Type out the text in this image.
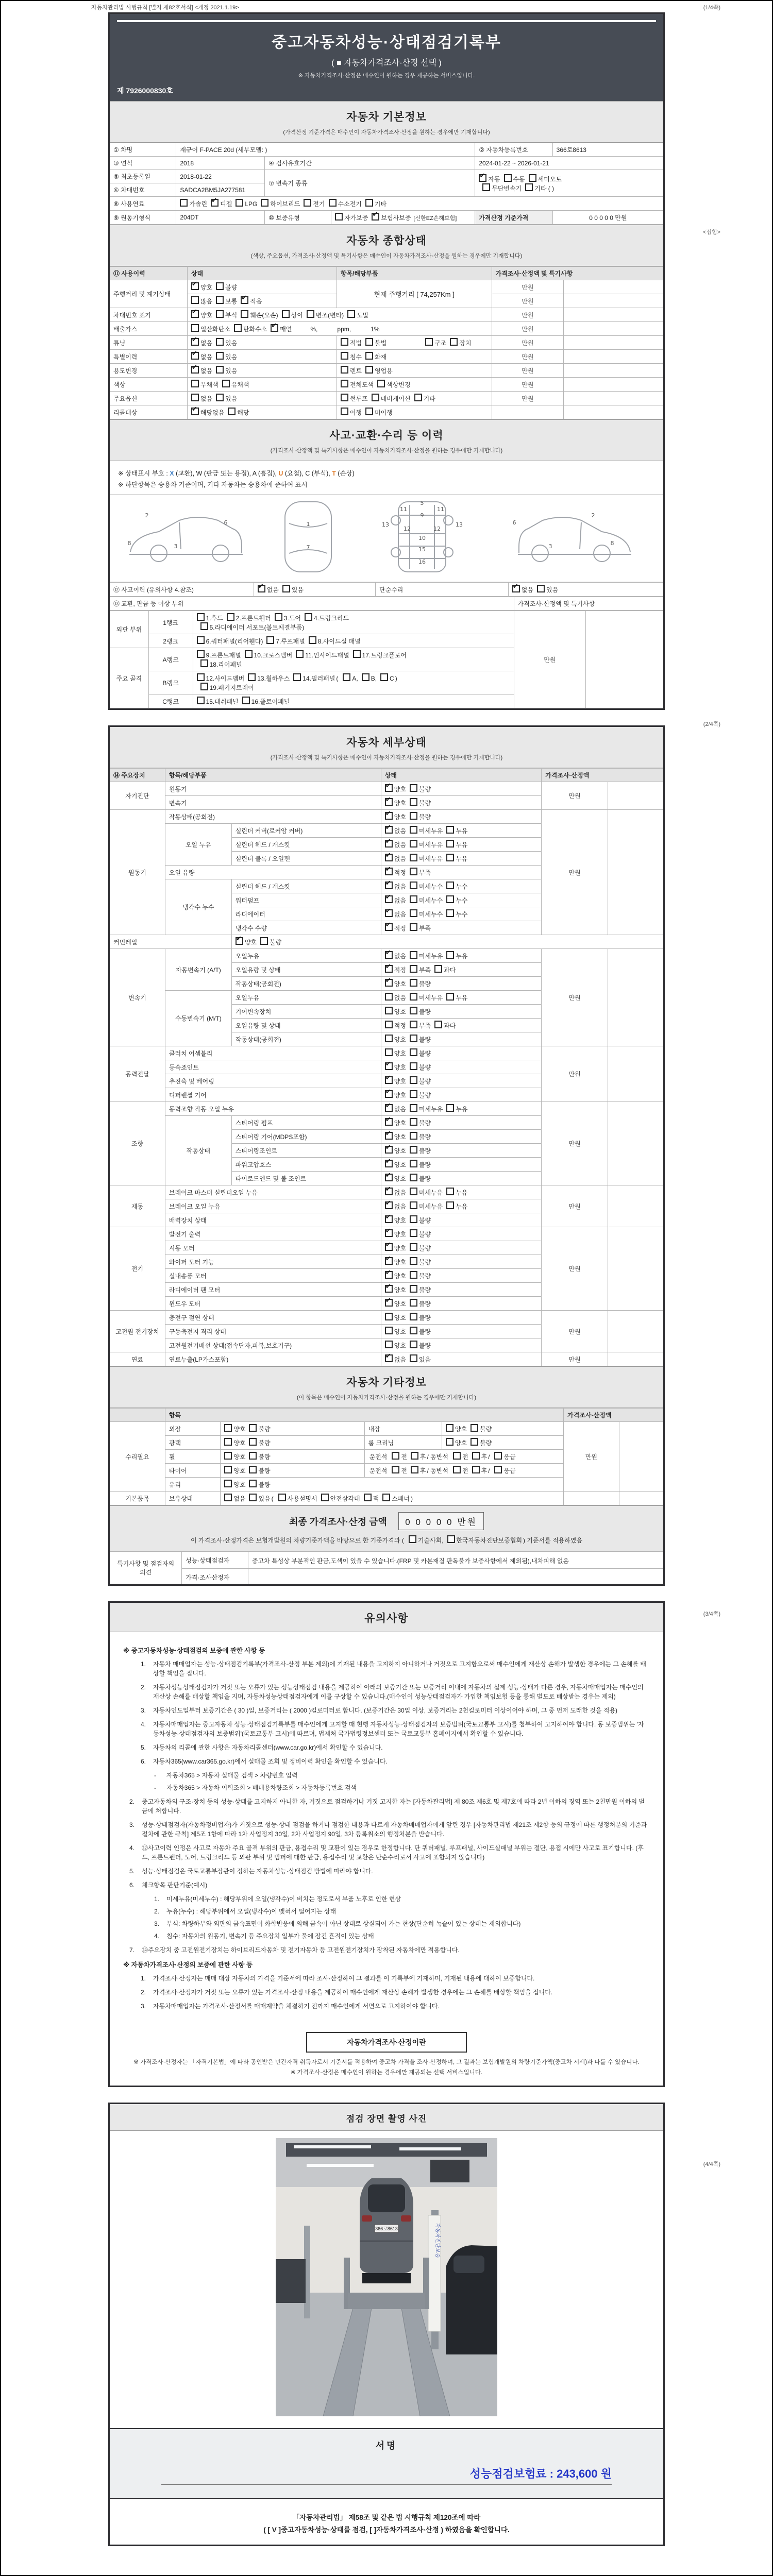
자동차관리법 시행규칙 [별지 제82호서식] <개정 2021.1.19>	(1/4쪽)
<접힘>
(2/4쪽)
(3/4쪽)
(4/4쪽)
중고자동차성능·상태점검기록부
( ■ 자동차가격조사·산정 선택 )
※ 자동차가격조사·산정은 매수인이 원하는 경우 제공하는 서비스입니다.
제 7926000830호
자동차 기본정보
(가격산정 기준가격은 매수인이 자동차가격조사·산정을 원하는 경우에만 기재합니다)
① 차명	재규어 F-PACE 20d (세부모델: )			② 자동차등록번호	366로8613
③ 연식	2018	④ 검사유효기간		2024-01-22 ~ 2026-01-21	
⑤ 최초등록일	2018-01-22	⑦ 변속기 종류	✔자동 수동 세미오토
무단변속기 기타 ( )
⑥ 차대번호	SADCA2BM5JA277581				
⑧ 사용연료	가솔린 ✔ 디젤 LPG 하이브리드 전기 수소전기 기타
⑨ 원동기형식	204DT	⑩ 보증유형	자가보증 ✔ 보험사보증 [신한EZ손해보험]	가격산정 기준가격	0 0 0 0 0 만원
자동차 종합상태
(색상, 주요옵션, 가격조사·산정액 및 특기사항은 매수인이 자동차가격조사·산정을 원하는 경우에만 기재합니다)
⑪ 사용이력	상태	항목/해당부품	가격조사·산정액 및 특기사항	
주행거리 및 계기상태	✔양호 불량	현재 주행거리 [ 74,257Km ]	만원	
	많음 보통 ✔ 적음		만원	
차대번호 표기	✔양호 부식 훼손(오손) 상이 변조(변타) 도말		만원	
배출가스	일산화탄소 탄화수소 ✔ 매연 %, ppm, 1%		만원	
튜닝	✔없음 있음	적법 불법 구조 장치	만원	
특별이력	✔없음 있음	침수 화재	만원	
용도변경	✔없음 있음	렌트 영업용	만원	
색상	무채색 유채색	전체도색 색상변경	만원	
주요옵션	없음 있음	썬루프 네비게이션 기타	만원	
리콜대상	✔해당없음 해당	이행 미이행		
사고·교환·수리 등 이력
(가격조사·산정액 및 특기사항은 매수인이 자동차가격조사·산정을 원하는 경우에만 기재합니다)
※ 상태표시 부호 : X (교환), W (판금 또는 용접), A (흠집), U (요철), C (부식), T (손상)
※ 하단항목은 승용차 기준이며, 기타 자동차는 승용차에 준하여 표시
2
8	3
6	1
7
5
11	11
9
13	13
12	12
10
15
16
2
3	8
6
⑫ 사고이력 (유의사항 4.참조)	✔없음 있음	단순수리	✔없음 있음
⑬ 교환, 판금 등 이상 부위	가격조사·산정액 및 특기사항
외판 부위	1랭크	1.후드 2.프론트휀더 3.도어 4.트렁크리드
5.라디에이터 서포트(볼트체결부품)	만원	
	2랭크	6.쿼터패널(리어휀다) 7.루프패널 8.사이드실 패널		
주요 골격	A랭크	9.프론트패널 10.크로스멤버 11.인사이드패널 17.트렁크플로어
18.리어패널		
	B랭크	12.사이드멤버 13.휠하우스 14.필러패널 ( A, B, C )
19.패키지트레이		
	C랭크	15.대쉬패널 16.플로어패널		
자동차 세부상태
(가격조사·산정액 및 특기사항은 매수인이 자동차가격조사·산정을 원하는 경우에만 기재합니다)
⑭ 주요장치	항목/해당부품		상태	가격조사·산정액	
자기진단	원동기	✔양호 불량	만원	
	변속기	✔양호 불량
원동기	작동상태(공회전)	✔양호 불량	만원	
	오일 누유	실린더 커버(로커암 커버)	✔없음 미세누유 누유
		실린더 헤드 / 개스킷	✔없음 미세누유 누유
		실린더 블록 / 오일팬	✔없음 미세누유 누유
	오일 유량	✔적정 부족
	냉각수 누수	실린더 헤드 / 개스킷	✔없음 미세누수 누수
		워터펌프	✔없음 미세누수 누수
		라디에이터	✔없음 미세누수 누수
		냉각수 수량	✔적정 부족
커먼레일	✔양호 불량
변속기	자동변속기 (A/T)	오일누유	✔없음 미세누유 누유	만원	
		오일유량 및 상태	✔적정 부족 과다
		작동상태(공회전)	✔양호 불량
	수동변속기 (M/T)	오일누유	없음 미세누유 누유		
		기어변속장치	양호 불량		
		오일유량 및 상태	적정 부족 과다		
		작동상태(공회전)	양호 불량		
동력전달	클러치 어셈블리		양호 불량	만원	
	등속죠인트	✔양호 불량
	추진축 및 베어링	✔양호 불량
	디퍼렌셜 기어	✔양호 불량
조향	동력조향 작동 오일 누유	✔없음 미세누유 누유	만원	
	작동상태	스티어링 펌프	✔양호 불량
		스티어링 기어(MDPS포함)	✔양호 불량
		스티어링조인트	✔양호 불량
		파워고압호스	✔양호 불량
		타이로드엔드 및 볼 조인트	✔양호 불량
제동	브레이크 마스터 실린더오일 누유	✔없음 미세누유 누유	만원	
	브레이크 오일 누유	✔없음 미세누유 누유
	배력장치 상태	✔양호 불량
전기	발전기 출력	✔양호 불량	만원	
	시동 모터	✔양호 불량
	와이퍼 모터 기능	✔양호 불량
	실내송풍 모터	✔양호 불량
	라디에이터 팬 모터	✔양호 불량
	윈도우 모터	✔양호 불량
고전원 전기장치	충전구 절연 상태		양호 불량	만원	
	구동축전지 격리 상태		양호 불량		
	고전원전기배선 상태(접속단자,피복,보호기구)		양호 불량		
연료	연료누출(LP가스포함)	✔없음 있음	만원	
자동차 기타정보
(이 항목은 매수인이 자동차가격조사·산정을 원하는 경우에만 기재합니다)
	항목				가격조사·산정액	
수리필요	외장	양호 불량	내장	양호 불량	만원	
	광택	양호 불량	룸 크리닝	양호 불량		
	휠	양호 불량	운전석 전 후 / 동반석 전 후 / 응급			
	타이어	양호 불량	운전석 전 후 / 동반석 전 후 / 응급			
	유리	양호 불량				
기본품목	보유상태	없음 있음 ( 사용설명서 안전삼각대 잭 스패너 )				
최종 가격조사·산정 금액 0 0 0 0 0 만원
이 가격조사·산정가격은 보험개발원의 차량기준가액을 바탕으로 한 기준가격과 ( 기술사회, 한국자동차진단보증협회 ) 기준서를 적용하였음
특기사항 및 점검자의 의견	성능·상태점검자	중고차 특성상 부분적인 판금,도색이 있을 수 있습니다.(FRP 및 카본재질 판독불가 보증사항에서 제외됨),내차피해 없음
	가격·조사산정자	
유의사항
※ 중고자동차성능·상태점검의 보증에 관한 사항 등
1.	자동차 매매업자는 성능·상태점검기록부(가격조사·산정 부분 제외)에 기재된 내용을 고지하지 아니하거나 거짓으로 고지함으로써 매수인에게 재산상 손해가 발생한 경우에는 그 손해를 배상할 책임을 집니다.
2.	자동차성능상태점검자가 거짓 또는 오류가 있는 성능상태점검 내용을 제공하여 아래의 보증기간 또는 보증거리 이내에 자동차의 실제 성능·상태가 다른 경우, 자동차매매업자는 매수인의 재산상 손해를 배상할 책임을 지며, 자동차성능상태점검자에게 이를 구상할 수 있습니다.(매수인이 성능상태점검자가 가입한 책임보험 등을 통해 별도로 배상받는 경우는 제외)
3.	자동차인도일부터 보증기간은 ( 30 )일, 보증거리는 ( 2000 )킬로미터로 합니다. (보증기간은 30일 이상, 보증거리는 2천킬로미터 이상이어야 하며, 그 중 먼저 도래한 것을 적용)
4.	자동차매매업자는 중고자동차 성능·상태점검기록부를 매수인에게 고지할 때 현행 자동차성능·상태점검자의 보증범위(국토교통부 고시)를 첨부하여 고지하여야 합니다. 동 보증범위는 '자동차성능·상태점검자의 보증범위'(국토교통부 고시)에 따르며, 법제처 국가법령정보센터 또는 국토교통부 홈페이지에서 확인할 수 있습니다.
5.	자동차의 리콜에 관한 사항은 자동차리콜센터(www.car.go.kr)에서 확인할 수 있습니다.
6.	자동차365(www.car365.go.kr)에서 실매물 조회 및 정비이력 확인을 확인할 수 있습니다.
-	자동차365 > 자동차 실매물 검색 > 차량번호 입력
-	자동차365 > 자동차 이력조회 > 매매용차량조회 > 자동차등록번호 검색
2.	중고자동차의 구조·장치 등의 성능·상태를 고지하지 아니한 자, 거짓으로 점검하거나 거짓 고지한 자는 [자동차관리법] 제 80조 제6호 및 제7호에 따라 2년 이하의 징역 또는 2천만원 이하의 벌금에 처합니다.
3.	성능·상태점검자(자동차정비업자)가 거짓으로 성능·상태 점검을 하거나 점검한 내용과 다르게 자동차매매업자에게 알린 경우 [자동차관리법 제21조 제2항 등의 규정에 따른 행정처분의 기준과 절차에 관한 규칙] 제5조 1항에 따라 1차 사업정지 30일, 2차 사업정지 90일, 3차 등록취소의 행정처분을 받습니다.
4.	⑫사고이력 인정은 사고로 자동차 주요 골격 부위의 판금, 용접수리 및 교환이 있는 경우로 한정합니다. 단 쿼터패널, 루프패널, 사이드실패널 부위는 절단, 용접 시에만 사고로 표기합니다. (후드, 프론트펜더, 도어, 트렁크리드 등 외판 부위 및 범퍼에 대한 판금, 용접수리 및 교환은 단순수리로서 사고에 포함되지 않습니다)
5.	성능·상태점검은 국토교통부장관이 정하는 자동차성능·상태점검 방법에 따라야 합니다.
6.	체크항목 판단기준(예시)
1.	미세누유(미세누수) : 해당부위에 오일(냉각수)이 비치는 정도로서 부품 노후로 인한 현상
2.	누유(누수) : 해당부위에서 오일(냉각수)이 맺혀서 떨어지는 상태
3.	부식: 차량하부와 외판의 금속표면이 화학반응에 의해 금속이 아닌 상태로 상실되어 가는 현상(단순히 녹슬어 있는 상태는 제외합니다)
4.	침수: 자동차의 원동기, 변속기 등 주요장치 일부가 물에 잠긴 흔적이 있는 상태
7.	⑭주요장치 중 고전원전기장치는 하이브리드자동차 및 전기자동차 등 고전원전기장치가 장착된 자동차에만 적용합니다.
※ 자동차가격조사·산정의 보증에 관한 사항 등
1.	가격조사·산정자는 매매 대상 자동차의 가격을 기준서에 따라 조사·산정하여 그 결과를 이 기록부에 기재하며, 기재된 내용에 대하여 보증합니다.
2.	가격조사·산정자가 거짓 또는 오류가 있는 가격조사·산정 내용을 제공하여 매수인에게 재산상 손해가 발생한 경우에는 그 손해를 배상할 책임을 집니다.
3.	자동차매매업자는 가격조사·산정서를 매매계약을 체결하기 전까지 매수인에게 서면으로 고지하여야 합니다.
자동차가격조사·산정이란
※ 가격조사·산정자는 「자격기본법」에 따라 공인받은 민간자격 취득자로서 기준서를 적용하여 중고차 가격을 조사·산정하며, 그 결과는 보험개발원의 차량기준가액(중고차 시세)과 다를 수 있습니다.
※ 가격조사·산정은 매수인이 원하는 경우에만 제공되는 선택 서비스입니다.
점검 장면 촬영 사진
자동차진단보증
366로8613
서명
성능점검보험료 : 243,600 원
「자동차관리법」 제58조 및 같은 법 시행규칙 제120조에 따라
( [ V ]중고자동차성능·상태를 점검, [ ]자동차가격조사·산정 ) 하였음을 확인합니다.
